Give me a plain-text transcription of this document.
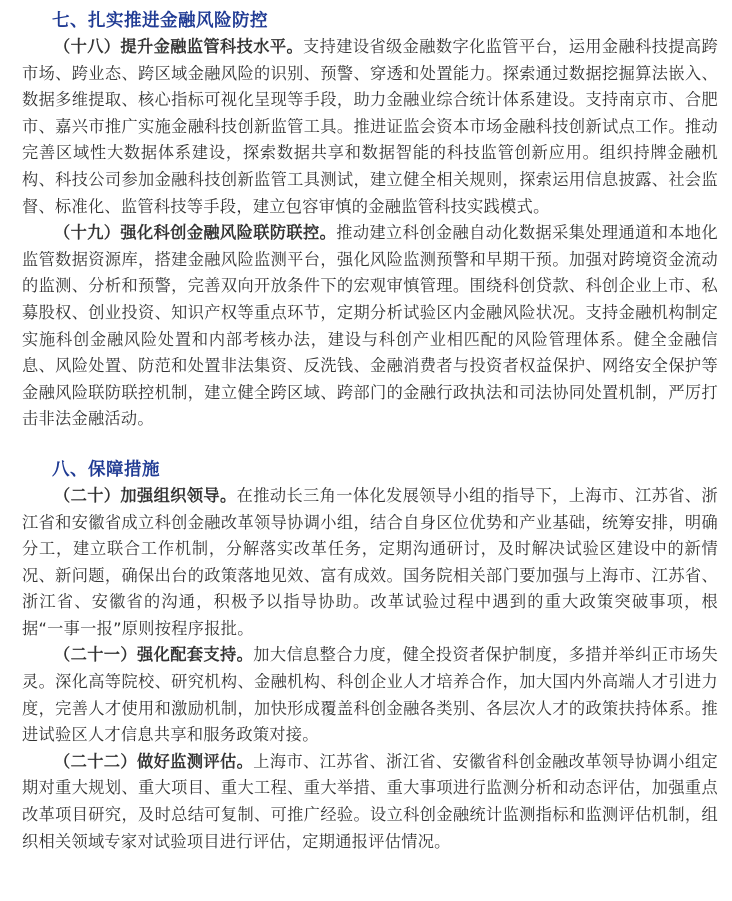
七、扎实推进金融风险防控

（十八）提升金融监管科技水平。支持建设省级金融数字化监管平台，运用金融科技提高跨市场、跨业态、跨区域金融风险的识别、预警、穿透和处置能力。探索通过数据挖掘算法嵌入、数据多维提取、核心指标可视化呈现等手段，助力金融业综合统计体系建设。支持南京市、合肥市、嘉兴市推广实施金融科技创新监管工具。推进证监会资本市场金融科技创新试点工作。推动完善区域性大数据体系建设，探索数据共享和数据智能的科技监管创新应用。组织持牌金融机构、科技公司参加金融科技创新监管工具测试，建立健全相关规则，探索运用信息披露、社会监督、标准化、监管科技等手段，建立包容审慎的金融监管科技实践模式。

（十九）强化科创金融风险联防联控。推动建立科创金融自动化数据采集处理通道和本地化监管数据资源库，搭建金融风险监测平台，强化风险监测预警和早期干预。加强对跨境资金流动的监测、分析和预警，完善双向开放条件下的宏观审慎管理。围绕科创贷款、科创企业上市、私募股权、创业投资、知识产权等重点环节，定期分析试验区内金融风险状况。支持金融机构制定实施科创金融风险处置和内部考核办法，建设与科创产业相匹配的风险管理体系。健全金融信息、风险处置、防范和处置非法集资、反洗钱、金融消费者与投资者权益保护、网络安全保护等金融风险联防联控机制，建立健全跨区域、跨部门的金融行政执法和司法协同处置机制，严厉打击非法金融活动。

八、保障措施

（二十）加强组织领导。在推动长三角一体化发展领导小组的指导下，上海市、江苏省、浙江省和安徽省成立科创金融改革领导协调小组，结合自身区位优势和产业基础，统筹安排，明确分工，建立联合工作机制，分解落实改革任务，定期沟通研讨，及时解决试验区建设中的新情况、新问题，确保出台的政策落地见效、富有成效。国务院相关部门要加强与上海市、江苏省、浙江省、安徽省的沟通，积极予以指导协助。改革试验过程中遇到的重大政策突破事项，根据“一事一报”原则按程序报批。

（二十一）强化配套支持。加大信息整合力度，健全投资者保护制度，多措并举纠正市场失灵。深化高等院校、研究机构、金融机构、科创企业人才培养合作，加大国内外高端人才引进力度，完善人才使用和激励机制，加快形成覆盖科创金融各类别、各层次人才的政策扶持体系。推进试验区人才信息共享和服务政策对接。

（二十二）做好监测评估。上海市、江苏省、浙江省、安徽省科创金融改革领导协调小组定期对重大规划、重大项目、重大工程、重大举措、重大事项进行监测分析和动态评估，加强重点改革项目研究，及时总结可复制、可推广经验。设立科创金融统计监测指标和监测评估机制，组织相关领域专家对试验项目进行评估，定期通报评估情况。
